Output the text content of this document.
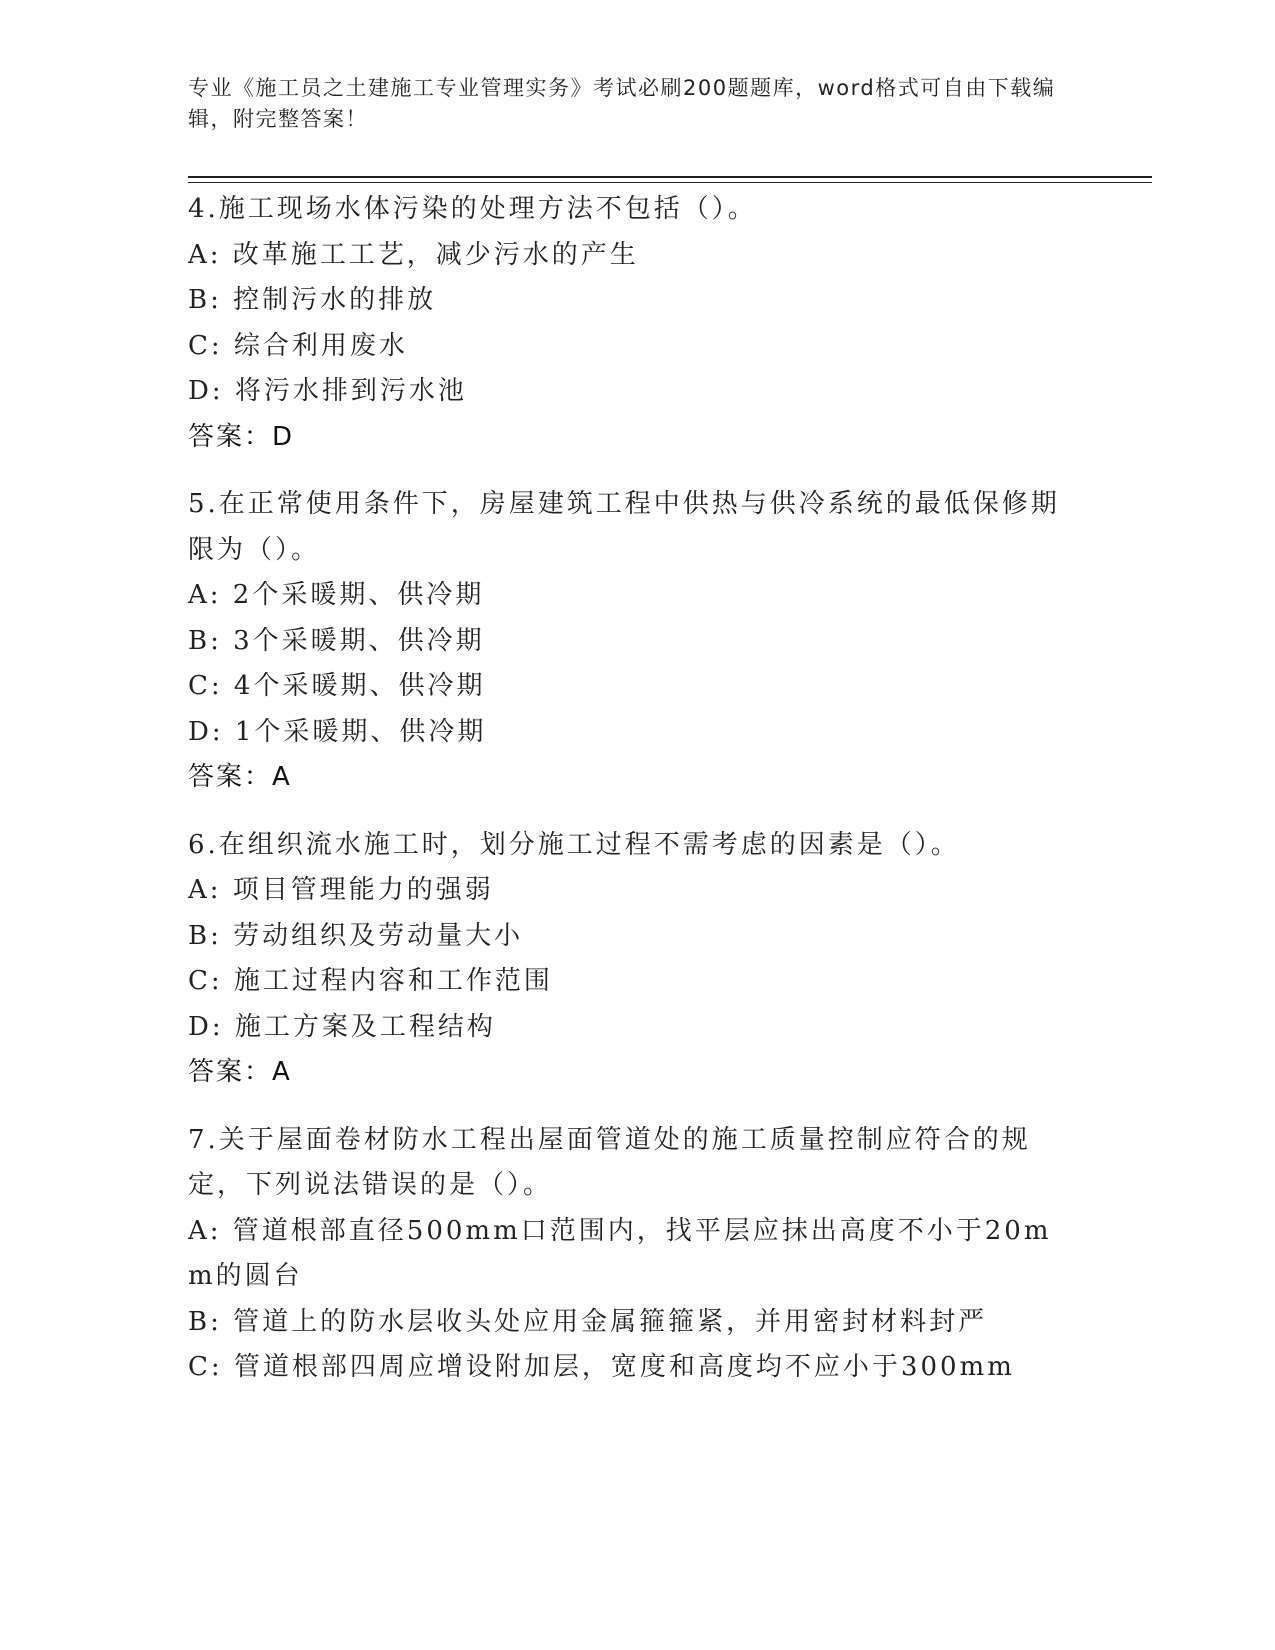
专业《施工员之土建施工专业管理实务》考试必刷200题题库，word格式可自由下载编辑，附完整答案！
4.施工现场水体污染的处理方法不包括（）。
A: 改革施工工艺，减少污水的产生
B: 控制污水的排放
C: 综合利用废水
D: 将污水排到污水池
答案：D
5.在正常使用条件下，房屋建筑工程中供热与供冷系统的最低保修期限为（）。
A: 2个采暖期、供冷期
B: 3个采暖期、供冷期
C: 4个采暖期、供冷期
D: 1个采暖期、供冷期
答案：A
6.在组织流水施工时，划分施工过程不需考虑的因素是（）。
A: 项目管理能力的强弱
B: 劳动组织及劳动量大小
C: 施工过程内容和工作范围
D: 施工方案及工程结构
答案：A
7.关于屋面卷材防水工程出屋面管道处的施工质量控制应符合的规定，下列说法错误的是（）。
A: 管道根部直径500mm口范围内，找平层应抹出高度不小于20mm的圆台
B: 管道上的防水层收头处应用金属箍箍紧，并用密封材料封严
C: 管道根部四周应增设附加层，宽度和高度均不应小于300mm
